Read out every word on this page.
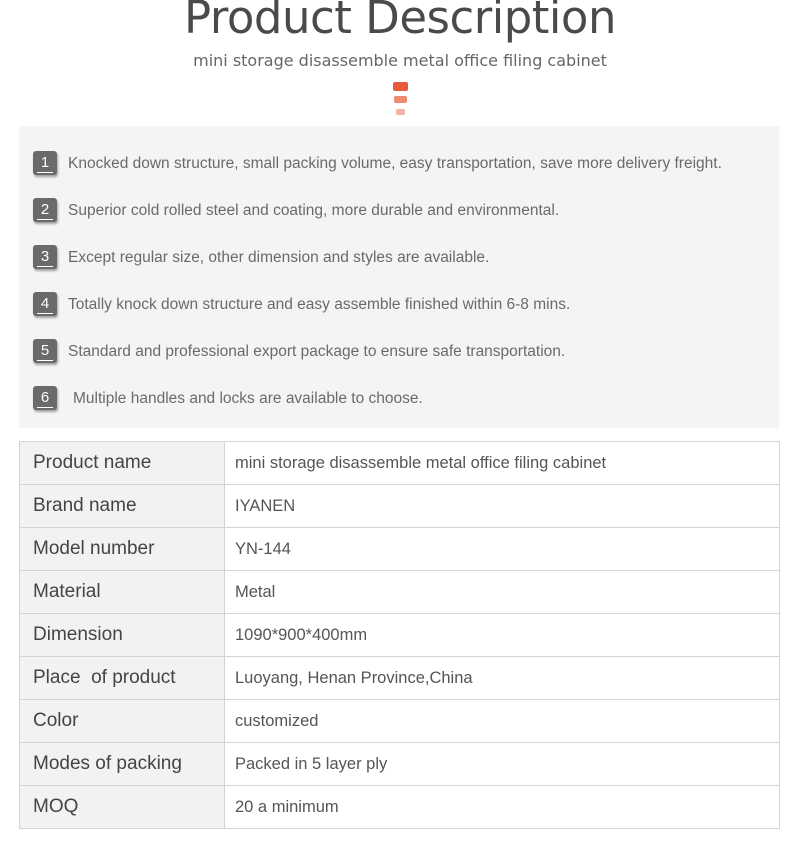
Product Description
mini storage disassemble metal office filing cabinet
1 Knocked down structure, small packing volume, easy transportation, save more delivery freight.
2 Superior cold rolled steel and coating, more durable and environmental.
3 Except regular size, other dimension and styles are available.
4 Totally knock down structure and easy assemble finished within 6-8 mins.
5 Standard and professional export package to ensure safe transportation.
6 Multiple handles and locks are available to choose.
Product name	mini storage disassemble metal office filing cabinet
Brand name	IYANEN
Model number	YN-144
Material	Metal
Dimension	1090*900*400mm
Place  of product	Luoyang, Henan Province,China
Color	customized
Modes of packing	Packed in 5 layer ply
MOQ	20 a minimum
